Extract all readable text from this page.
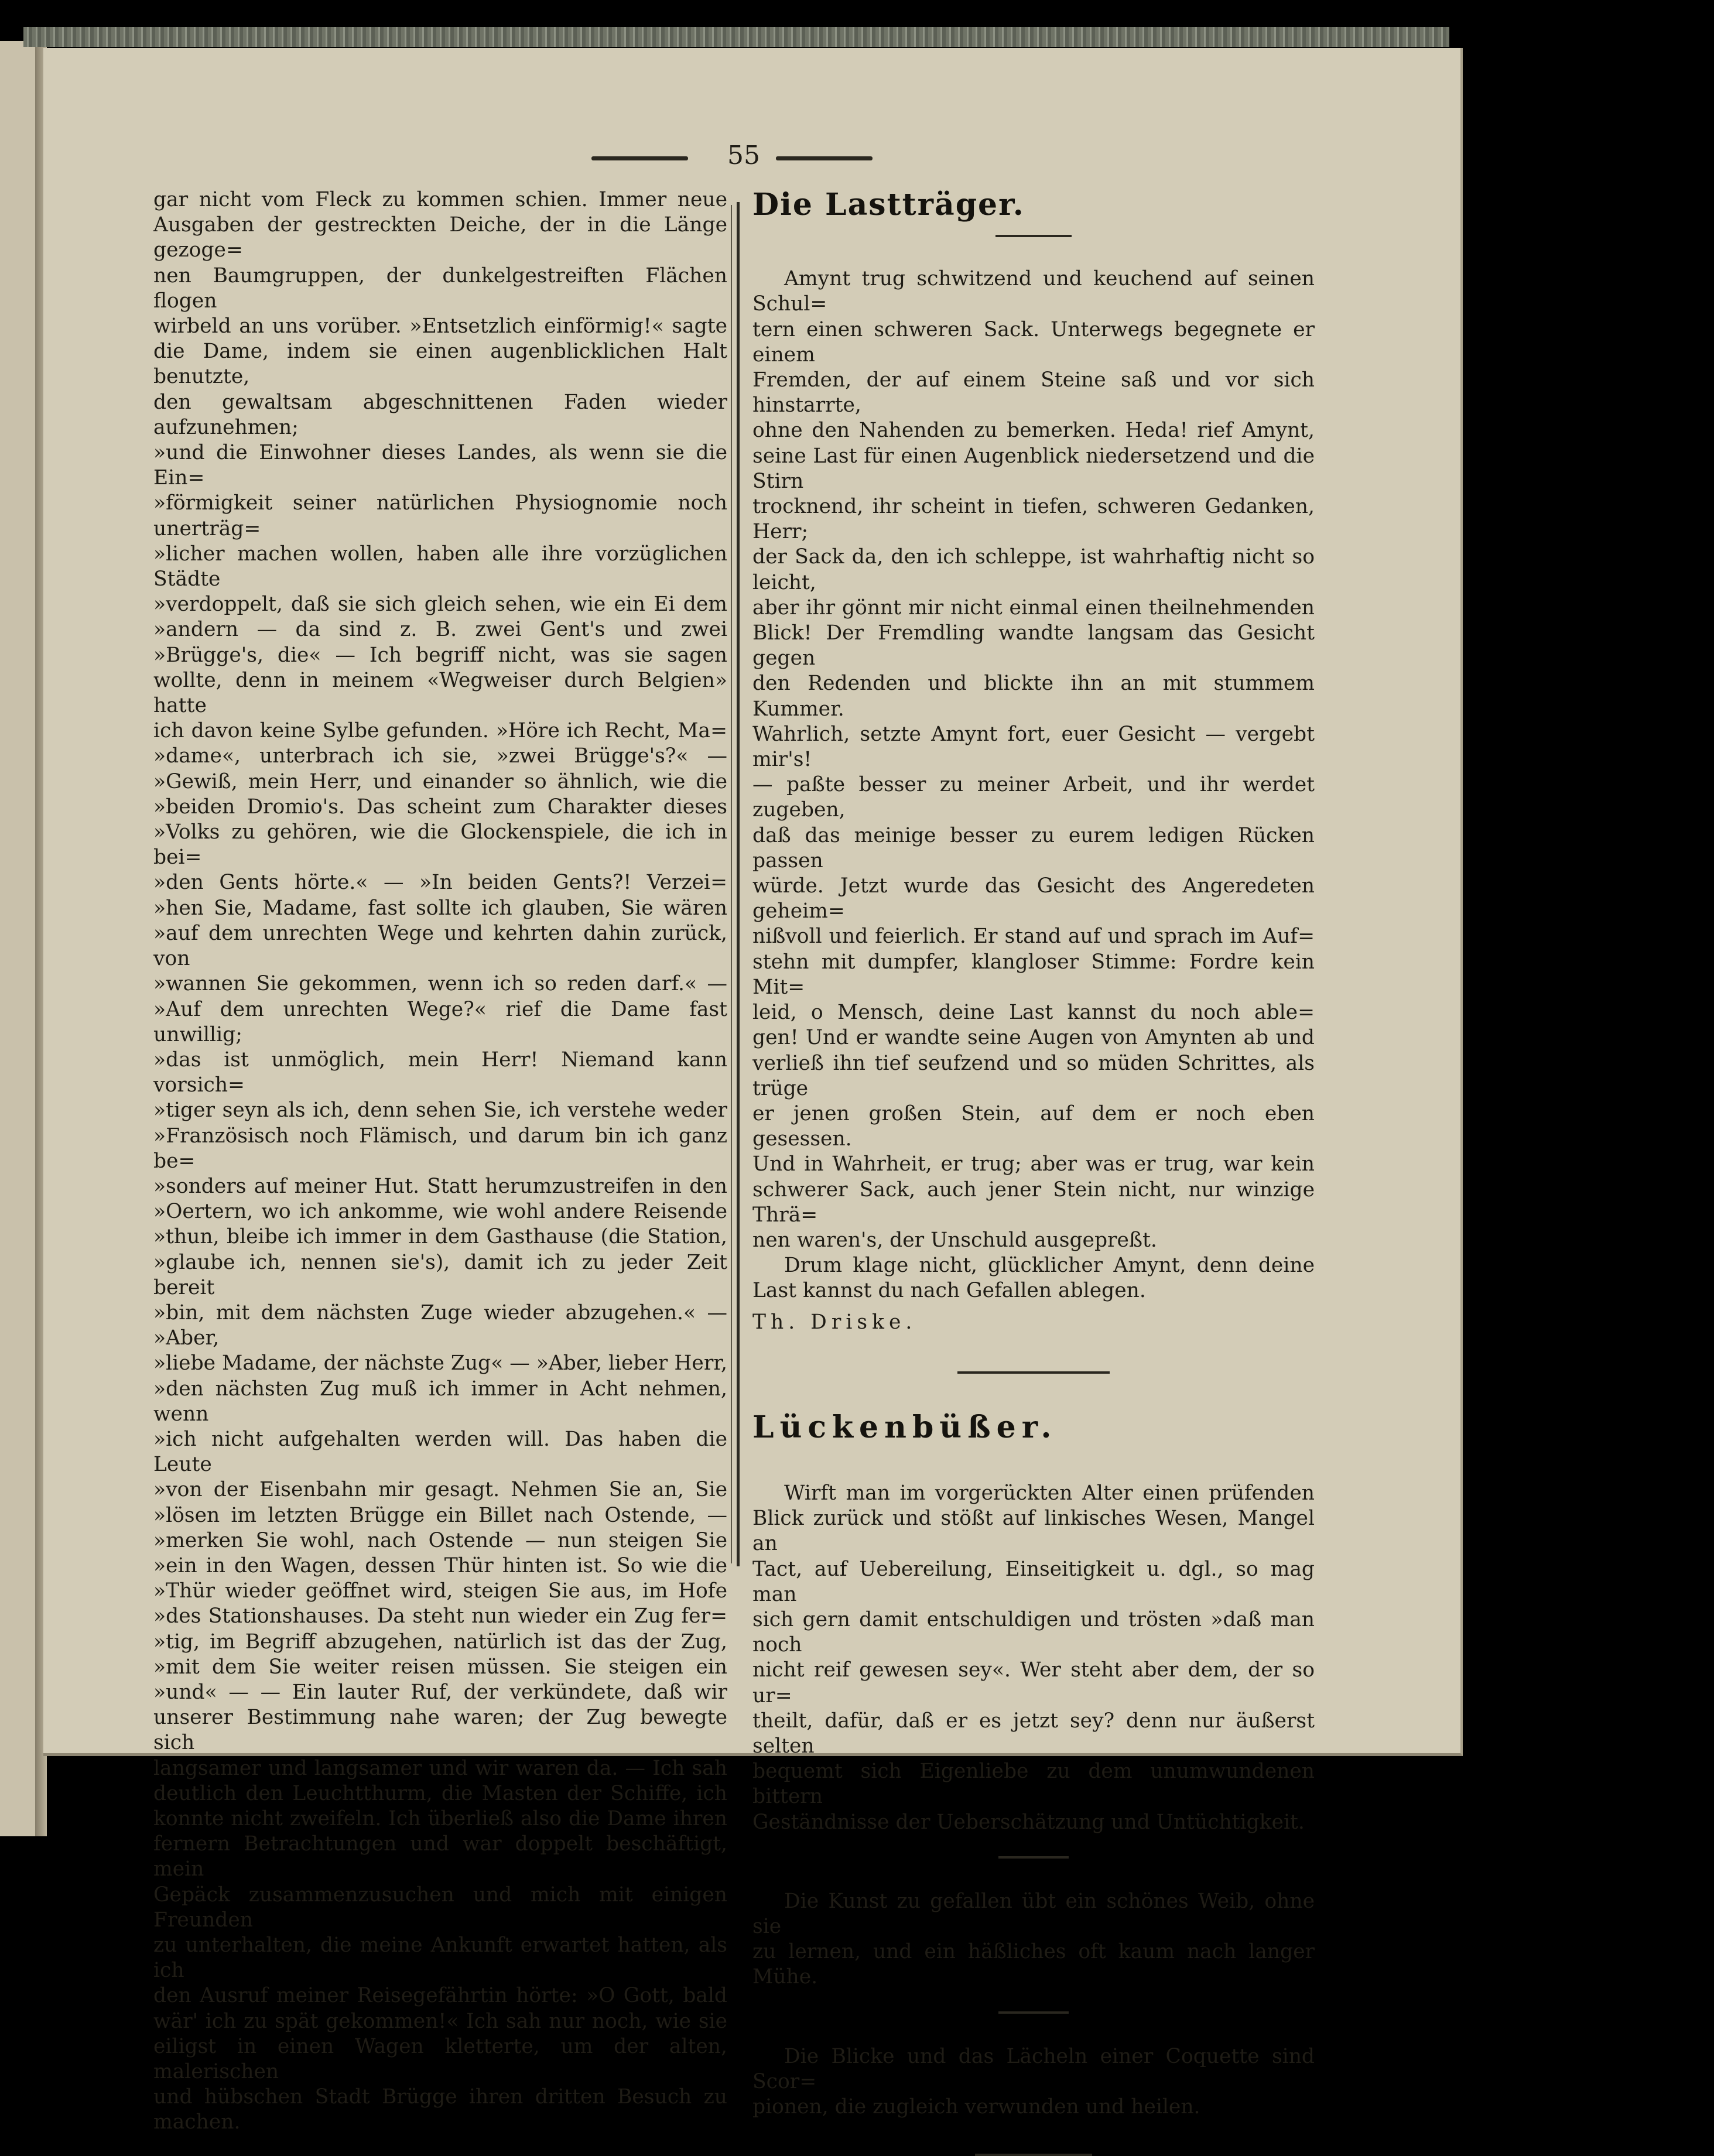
55

gar nicht vom Fleck zu kommen schien. Immer neue

Ausgaben der gestreckten Deiche, der in die Länge gezoge=

nen Baumgruppen, der dunkelgestreiften Flächen flogen

wirbeld an uns vorüber. »Entsetzlich einförmig!« sagte

die Dame, indem sie einen augenblicklichen Halt benutzte,

den gewaltsam abgeschnittenen Faden wieder aufzunehmen;

»und die Einwohner dieses Landes, als wenn sie die Ein=

»förmigkeit seiner natürlichen Physiognomie noch unerträg=

»licher machen wollen, haben alle ihre vorzüglichen Städte

»verdoppelt, daß sie sich gleich sehen, wie ein Ei dem

»andern — da sind z. B. zwei Gent's und zwei

»Brügge's, die« — Ich begriff nicht, was sie sagen

wollte, denn in meinem «Wegweiser durch Belgien» hatte

ich davon keine Sylbe gefunden. »Höre ich Recht, Ma=

»dame«, unterbrach ich sie, »zwei Brügge's?« —

»Gewiß, mein Herr, und einander so ähnlich, wie die

»beiden Dromio's. Das scheint zum Charakter dieses

»Volks zu gehören, wie die Glockenspiele, die ich in bei=

»den Gents hörte.« — »In beiden Gents?! Verzei=

»hen Sie, Madame, fast sollte ich glauben, Sie wären

»auf dem unrechten Wege und kehrten dahin zurück, von

»wannen Sie gekommen, wenn ich so reden darf.« —

»Auf dem unrechten Wege?« rief die Dame fast unwillig;

»das ist unmöglich, mein Herr! Niemand kann vorsich=

»tiger seyn als ich, denn sehen Sie, ich verstehe weder

»Französisch noch Flämisch, und darum bin ich ganz be=

»sonders auf meiner Hut. Statt herumzustreifen in den

»Oertern, wo ich ankomme, wie wohl andere Reisende

»thun, bleibe ich immer in dem Gasthause (die Station,

»glaube ich, nennen sie's), damit ich zu jeder Zeit bereit

»bin, mit dem nächsten Zuge wieder abzugehen.« — »Aber,

»liebe Madame, der nächste Zug« — »Aber, lieber Herr,

»den nächsten Zug muß ich immer in Acht nehmen, wenn

»ich nicht aufgehalten werden will. Das haben die Leute

»von der Eisenbahn mir gesagt. Nehmen Sie an, Sie

»lösen im letzten Brügge ein Billet nach Ostende, —

»merken Sie wohl, nach Ostende — nun steigen Sie

»ein in den Wagen, dessen Thür hinten ist. So wie die

»Thür wieder geöffnet wird, steigen Sie aus, im Hofe

»des Stationshauses. Da steht nun wieder ein Zug fer=

»tig, im Begriff abzugehen, natürlich ist das der Zug,

»mit dem Sie weiter reisen müssen. Sie steigen ein

»und« — — Ein lauter Ruf, der verkündete, daß wir

unserer Bestimmung nahe waren; der Zug bewegte sich

langsamer und langsamer und wir waren da. — Ich sah

deutlich den Leuchtthurm, die Masten der Schiffe, ich

konnte nicht zweifeln. Ich überließ also die Dame ihren

fernern Betrachtungen und war doppelt beschäftigt, mein

Gepäck zusammenzusuchen und mich mit einigen Freunden

zu unterhalten, die meine Ankunft erwartet hatten, als ich

den Ausruf meiner Reisegefährtin hörte: »O Gott, bald

wär' ich zu spät gekommen!« Ich sah nur noch, wie sie

eiligst in einen Wagen kletterte, um der alten, malerischen

und hübschen Stadt Brügge ihren dritten Besuch zu machen.

Die Lastträger.

Amynt trug schwitzend und keuchend auf seinen Schul=

tern einen schweren Sack. Unterwegs begegnete er einem

Fremden, der auf einem Steine saß und vor sich hinstarrte,

ohne den Nahenden zu bemerken. Heda! rief Amynt,

seine Last für einen Augenblick niedersetzend und die Stirn

trocknend, ihr scheint in tiefen, schweren Gedanken, Herr;

der Sack da, den ich schleppe, ist wahrhaftig nicht so leicht,

aber ihr gönnt mir nicht einmal einen theilnehmenden

Blick! Der Fremdling wandte langsam das Gesicht gegen

den Redenden und blickte ihn an mit stummem Kummer.

Wahrlich, setzte Amynt fort, euer Gesicht — vergebt mir's!

— paßte besser zu meiner Arbeit, und ihr werdet zugeben,

daß das meinige besser zu eurem ledigen Rücken passen

würde. Jetzt wurde das Gesicht des Angeredeten geheim=

nißvoll und feierlich. Er stand auf und sprach im Auf=

stehn mit dumpfer, klangloser Stimme: Fordre kein Mit=

leid, o Mensch, deine Last kannst du noch able=

gen! Und er wandte seine Augen von Amynten ab und

verließ ihn tief seufzend und so müden Schrittes, als trüge

er jenen großen Stein, auf dem er noch eben gesessen.

Und in Wahrheit, er trug; aber was er trug, war kein

schwerer Sack, auch jener Stein nicht, nur winzige Thrä=

nen waren's, der Unschuld ausgepreßt.

Drum klage nicht, glücklicher Amynt, denn deine

Last kannst du nach Gefallen ablegen.

Th. Driske.

Lückenbüßer.

Wirft man im vorgerückten Alter einen prüfenden

Blick zurück und stößt auf linkisches Wesen, Mangel an

Tact, auf Uebereilung, Einseitigkeit u. dgl., so mag man

sich gern damit entschuldigen und trösten »daß man noch

nicht reif gewesen sey«. Wer steht aber dem, der so ur=

theilt, dafür, daß er es jetzt sey? denn nur äußerst selten

bequemt sich Eigenliebe zu dem unumwundenen bittern

Geständnisse der Ueberschätzung und Untüchtigkeit.

Die Kunst zu gefallen übt ein schönes Weib, ohne sie

zu lernen, und ein häßliches oft kaum nach langer Mühe.

Die Blicke und das Lächeln einer Coquette sind Scor=

pionen, die zugleich verwunden und heilen.
